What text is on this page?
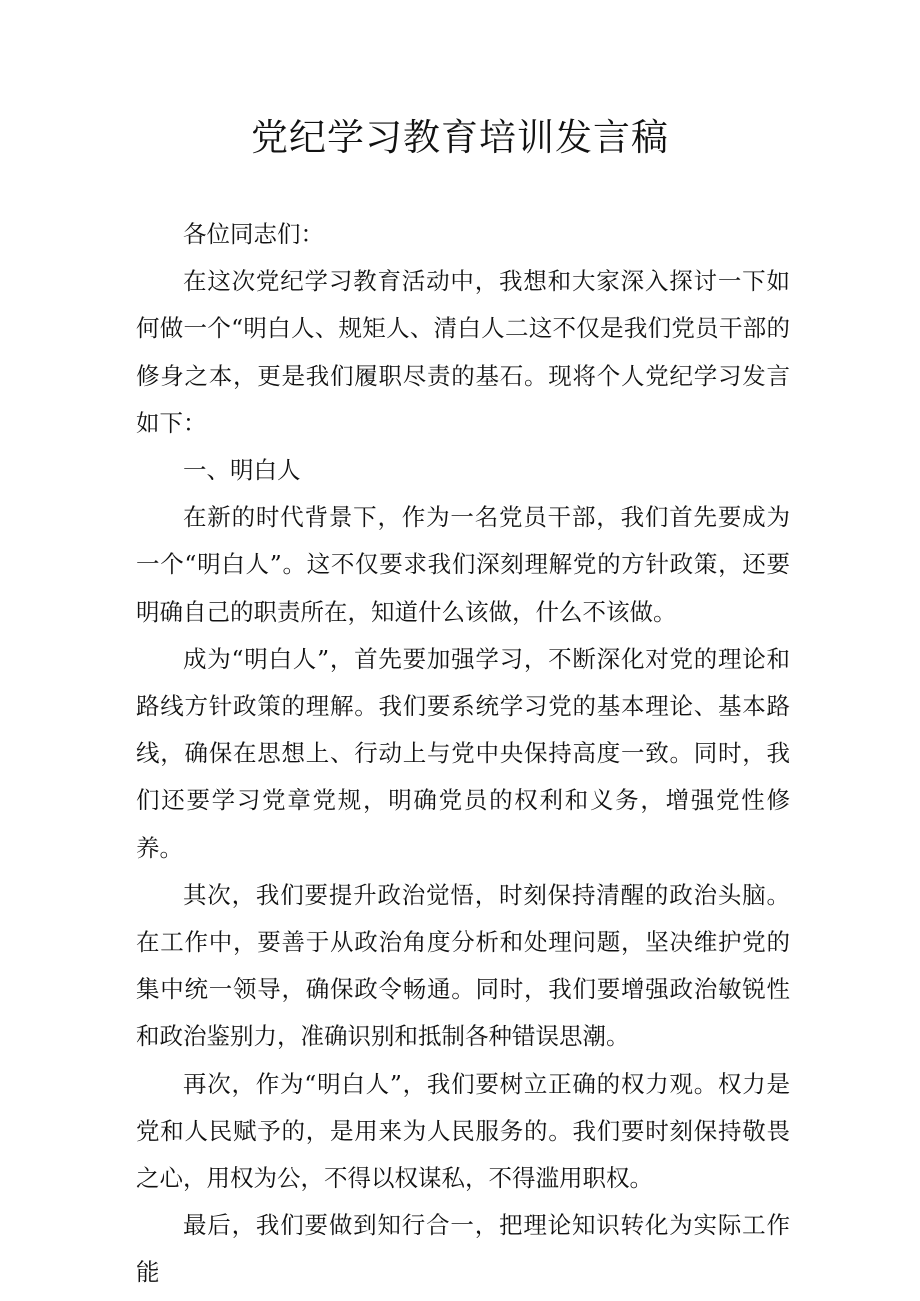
党纪学习教育培训发言稿

各位同志们：

在这次党纪学习教育活动中，我想和大家深入探讨一下如何做一个“明白人、规矩人、清白人二这不仅是我们党员干部的修身之本，更是我们履职尽责的基石。现将个人党纪学习发言如下：

一、明白人

在新的时代背景下，作为一名党员干部，我们首先要成为一个“明白人”。这不仅要求我们深刻理解党的方针政策，还要明确自己的职责所在，知道什么该做，什么不该做。

成为“明白人”，首先要加强学习，不断深化对党的理论和路线方针政策的理解。我们要系统学习党的基本理论、基本路线，确保在思想上、行动上与党中央保持高度一致。同时，我们还要学习党章党规，明确党员的权利和义务，增强党性修养。

其次，我们要提升政治觉悟，时刻保持清醒的政治头脑。在工作中，要善于从政治角度分析和处理问题，坚决维护党的集中统一领导，确保政令畅通。同时，我们要增强政治敏锐性和政治鉴别力，准确识别和抵制各种错误思潮。

再次，作为“明白人”，我们要树立正确的权力观。权力是党和人民赋予的，是用来为人民服务的。我们要时刻保持敬畏之心，用权为公，不得以权谋私，不得滥用职权。

最后，我们要做到知行合一，把理论知识转化为实际工作能
